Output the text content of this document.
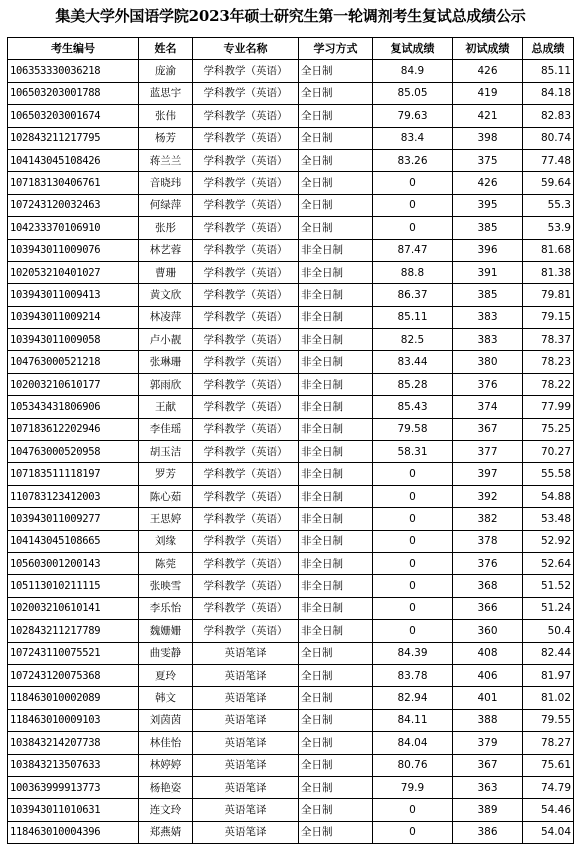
集美大学外国语学院2023年硕士研究生第一轮调剂考生复试总成绩公示
考生编号	姓名	专业名称	学习方式	复试成绩	初试成绩	总成绩
106353330036218	庞渝	学科教学（英语）	全日制	84.9	426	85.11
106503203001788	蓝思宇	学科教学（英语）	全日制	85.05	419	84.18
106503203001674	张伟	学科教学（英语）	全日制	79.63	421	82.83
102843211217795	杨芳	学科教学（英语）	全日制	83.4	398	80.74
104143045108426	蒋兰兰	学科教学（英语）	全日制	83.26	375	77.48
107183130406761	音晓玮	学科教学（英语）	全日制	0	426	59.64
107243120032463	何绿萍	学科教学（英语）	全日制	0	395	55.3
104233370106910	张彤	学科教学（英语）	全日制	0	385	53.9
103943011009076	林艺蓉	学科教学（英语）	非全日制	87.47	396	81.68
102053210401027	曹珊	学科教学（英语）	非全日制	88.8	391	81.38
103943011009413	黄文欣	学科教学（英语）	非全日制	86.37	385	79.81
103943011009214	林凌萍	学科教学（英语）	非全日制	85.11	383	79.15
103943011009058	卢小靓	学科教学（英语）	非全日制	82.5	383	78.37
104763000521218	张琳珊	学科教学（英语）	非全日制	83.44	380	78.23
102003210610177	郭雨欣	学科教学（英语）	非全日制	85.28	376	78.22
105343431806906	王献	学科教学（英语）	非全日制	85.43	374	77.99
107183612202946	李佳瑶	学科教学（英语）	非全日制	79.58	367	75.25
104763000520958	胡玉洁	学科教学（英语）	非全日制	58.31	377	70.27
107183511118197	罗芳	学科教学（英语）	非全日制	0	397	55.58
110783123412003	陈心茹	学科教学（英语）	非全日制	0	392	54.88
103943011009277	王思婷	学科教学（英语）	非全日制	0	382	53.48
104143045108665	刘缘	学科教学（英语）	非全日制	0	378	52.92
105603001200143	陈莞	学科教学（英语）	非全日制	0	376	52.64
105113010211115	张映雪	学科教学（英语）	非全日制	0	368	51.52
102003210610141	李乐怡	学科教学（英语）	非全日制	0	366	51.24
102843211217789	魏姗姗	学科教学（英语）	非全日制	0	360	50.4
107243110075521	曲雯静	英语笔译	全日制	84.39	408	82.44
107243120075368	夏玲	英语笔译	全日制	83.78	406	81.97
118463010002089	韩文	英语笔译	全日制	82.94	401	81.02
118463010009103	刘茵茵	英语笔译	全日制	84.11	388	79.55
103843214207738	林佳怡	英语笔译	全日制	84.04	379	78.27
103843213507633	林婷婷	英语笔译	全日制	80.76	367	75.61
100363999913773	杨艳姿	英语笔译	全日制	79.9	363	74.79
103943011010631	连文玲	英语笔译	全日制	0	389	54.46
118463010004396	郑燕婧	英语笔译	全日制	0	386	54.04
